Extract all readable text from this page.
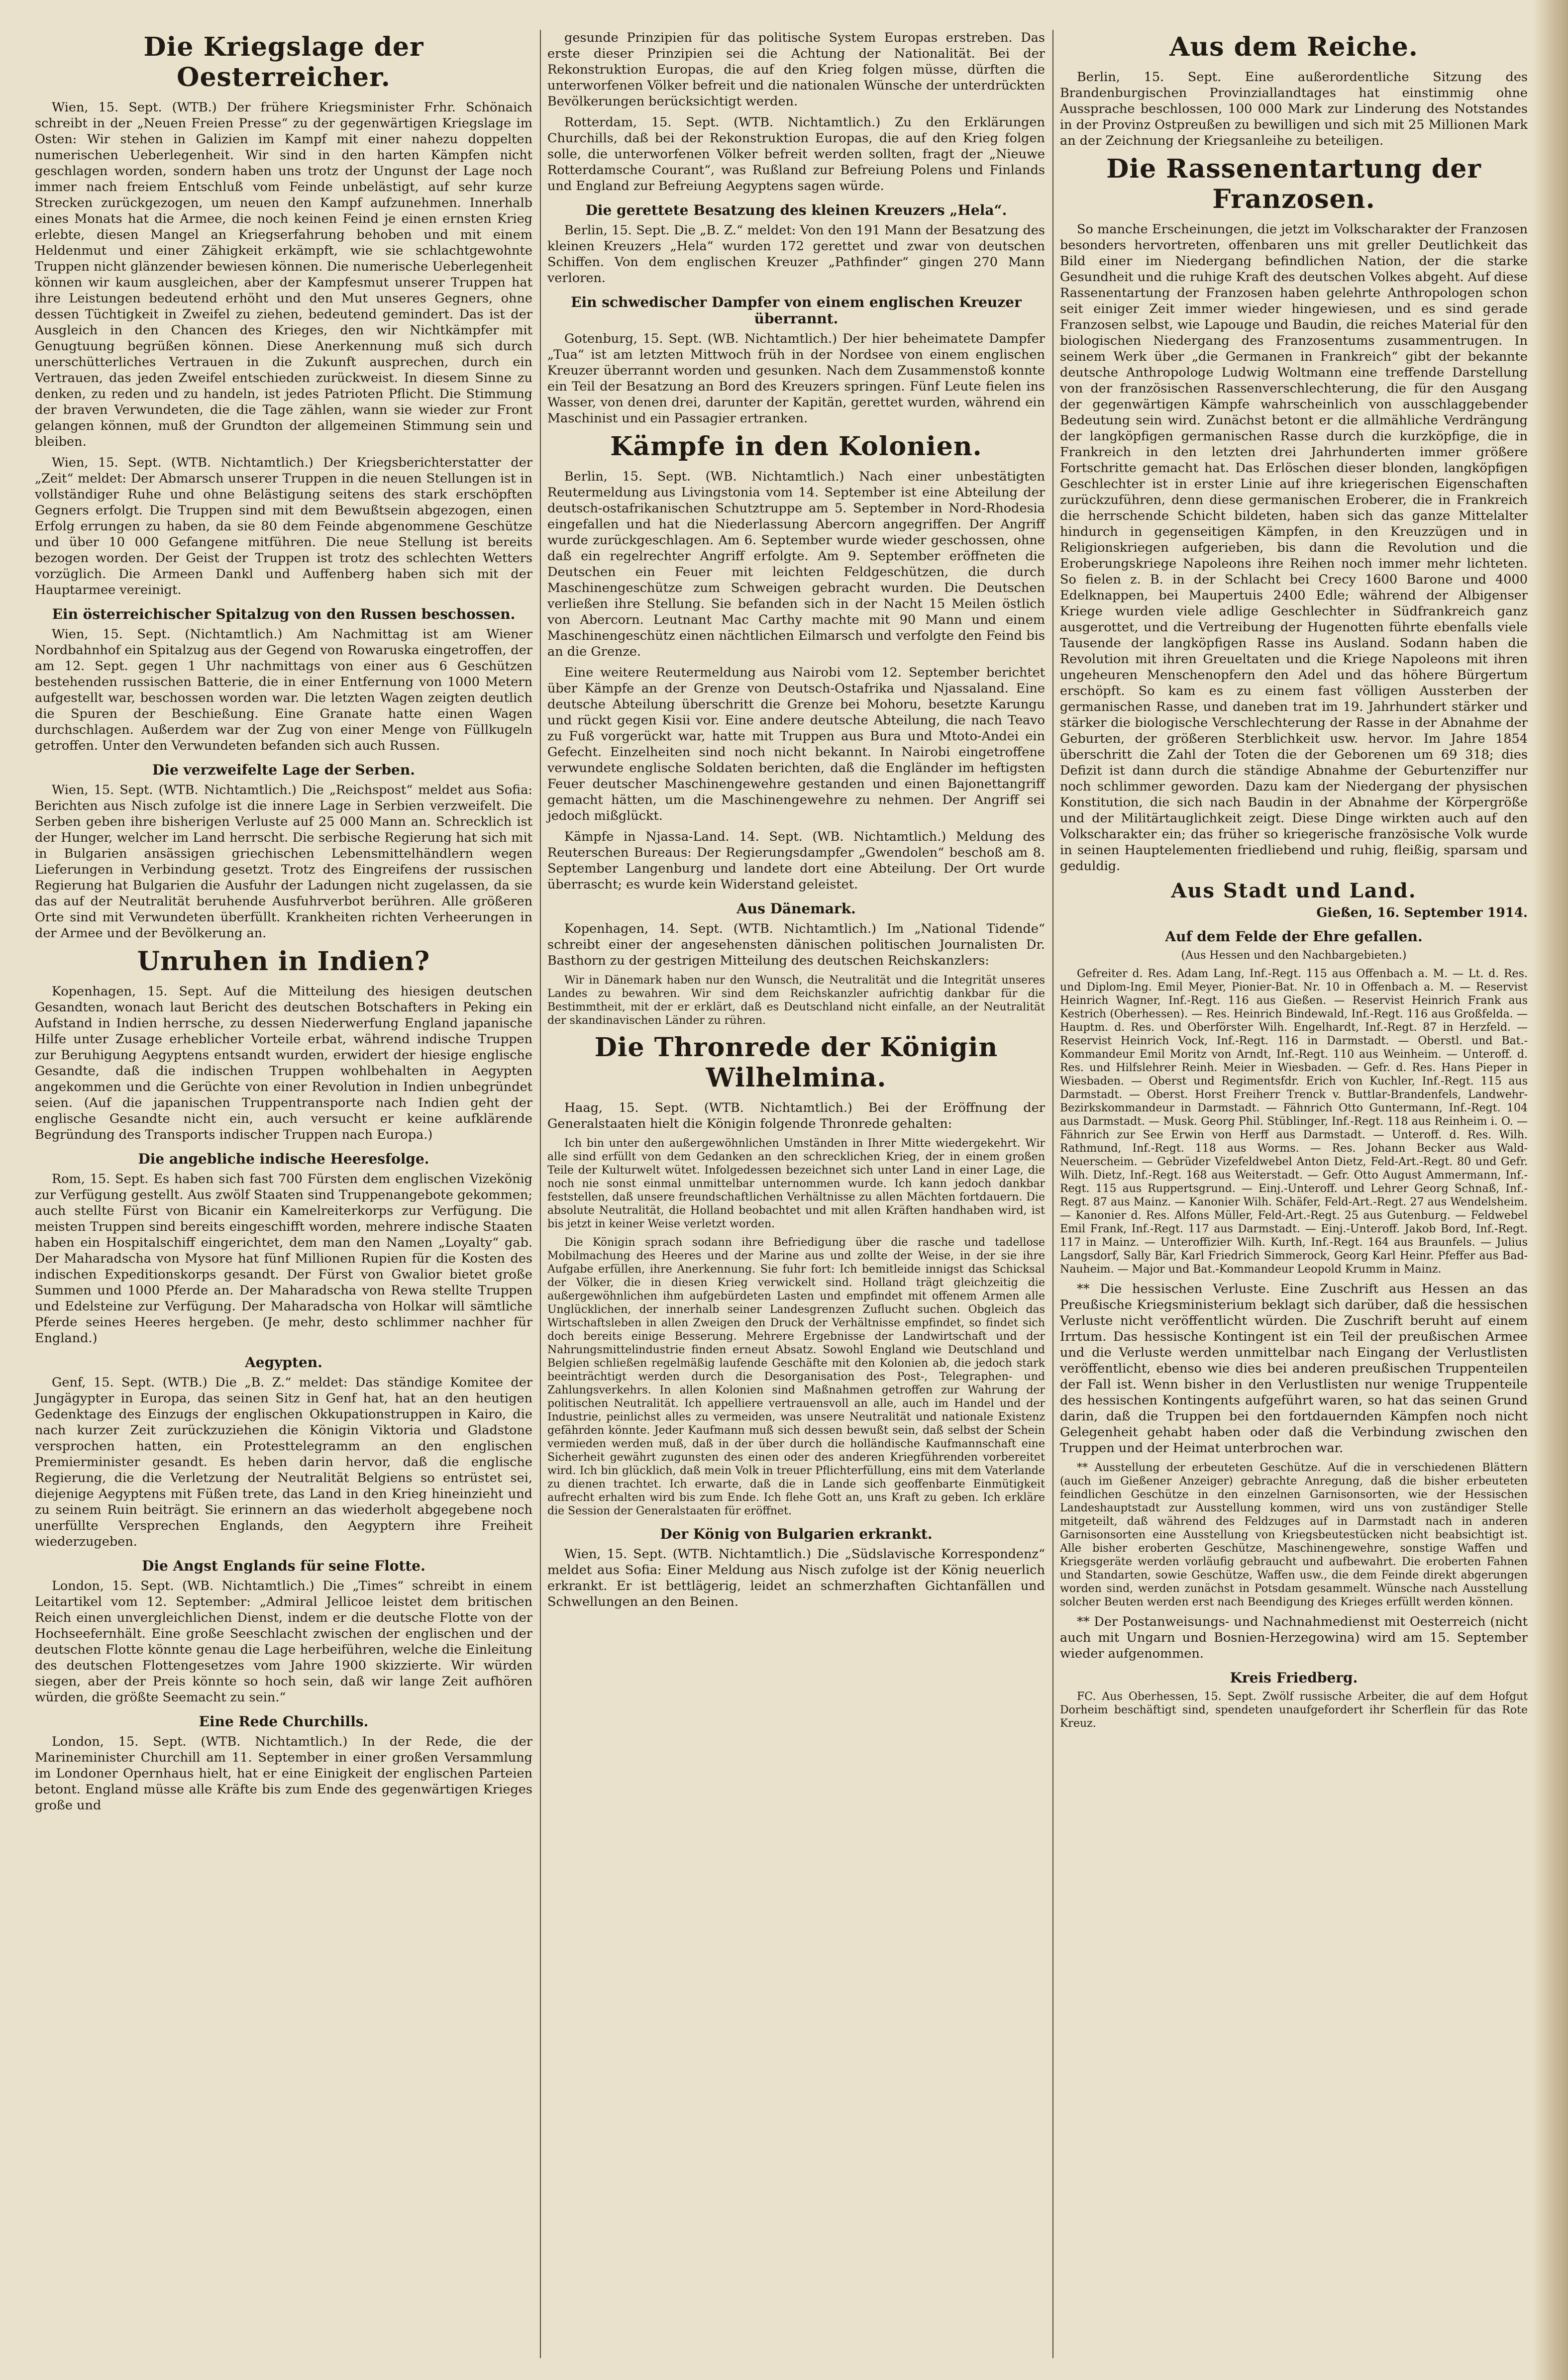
Die Kriegslage der Oesterreicher.

Wien, 15. Sept. (WTB.) Der frühere Kriegsminister Frhr. Schönaich schreibt in der „Neuen Freien Presse“ zu der gegenwärtigen Kriegslage im Osten: Wir stehen in Galizien im Kampf mit einer nahezu doppelten numerischen Ueberlegenheit. Wir sind in den harten Kämpfen nicht geschlagen worden, sondern haben uns trotz der Ungunst der Lage noch immer nach freiem Entschluß vom Feinde unbelästigt, auf sehr kurze Strecken zurückgezogen, um neuen den Kampf aufzunehmen. Innerhalb eines Monats hat die Armee, die noch keinen Feind je einen ernsten Krieg erlebte, diesen Mangel an Kriegserfahrung behoben und mit einem Heldenmut und einer Zähigkeit erkämpft, wie sie schlachtgewohnte Truppen nicht glänzender bewiesen können. Die numerische Ueberlegenheit können wir kaum ausgleichen, aber der Kampfesmut unserer Truppen hat ihre Leistungen bedeutend erhöht und den Mut unseres Gegners, ohne dessen Tüchtigkeit in Zweifel zu ziehen, bedeutend gemindert. Das ist der Ausgleich in den Chancen des Krieges, den wir Nichtkämpfer mit Genugtuung begrüßen können. Diese Anerkennung muß sich durch unerschütterliches Vertrauen in die Zukunft ausprechen, durch ein Vertrauen, das jeden Zweifel entschieden zurückweist. In diesem Sinne zu denken, zu reden und zu handeln, ist jedes Patrioten Pflicht. Die Stimmung der braven Verwundeten, die die Tage zählen, wann sie wieder zur Front gelangen können, muß der Grundton der allgemeinen Stimmung sein und bleiben.

Wien, 15. Sept. (WTB. Nichtamtlich.) Der Kriegsberichterstatter der „Zeit“ meldet: Der Abmarsch unserer Truppen in die neuen Stellungen ist in vollständiger Ruhe und ohne Belästigung seitens des stark erschöpften Gegners erfolgt. Die Truppen sind mit dem Bewußtsein abgezogen, einen Erfolg errungen zu haben, da sie 80 dem Feinde abgenommene Geschütze und über 10 000 Gefangene mitführen. Die neue Stellung ist bereits bezogen worden. Der Geist der Truppen ist trotz des schlechten Wetters vorzüglich. Die Armeen Dankl und Auffenberg haben sich mit der Hauptarmee vereinigt.

Ein österreichischer Spitalzug von den Russen beschossen.

Wien, 15. Sept. (Nichtamtlich.) Am Nachmittag ist am Wiener Nordbahnhof ein Spitalzug aus der Gegend von Rowaruska eingetroffen, der am 12. Sept. gegen 1 Uhr nachmittags von einer aus 6 Geschützen bestehenden russischen Batterie, die in einer Entfernung von 1000 Metern aufgestellt war, beschossen worden war. Die letzten Wagen zeigten deutlich die Spuren der Beschießung. Eine Granate hatte einen Wagen durchschlagen. Außerdem war der Zug von einer Menge von Füllkugeln getroffen. Unter den Verwundeten befanden sich auch Russen.

Die verzweifelte Lage der Serben.

Wien, 15. Sept. (WTB. Nichtamtlich.) Die „Reichspost“ meldet aus Sofia: Berichten aus Nisch zufolge ist die innere Lage in Serbien verzweifelt. Die Serben geben ihre bisherigen Verluste auf 25 000 Mann an. Schrecklich ist der Hunger, welcher im Land herrscht. Die serbische Regierung hat sich mit in Bulgarien ansässigen griechischen Lebensmittelhändlern wegen Lieferungen in Verbindung gesetzt. Trotz des Eingreifens der russischen Regierung hat Bulgarien die Ausfuhr der Ladungen nicht zugelassen, da sie das auf der Neutralität beruhende Ausfuhrverbot berühren. Alle größeren Orte sind mit Verwundeten überfüllt. Krankheiten richten Verheerungen in der Armee und der Bevölkerung an.

Unruhen in Indien?

Kopenhagen, 15. Sept. Auf die Mitteilung des hiesigen deutschen Gesandten, wonach laut Bericht des deutschen Botschafters in Peking ein Aufstand in Indien herrsche, zu dessen Niederwerfung England japanische Hilfe unter Zusage erheblicher Vorteile erbat, während indische Truppen zur Beruhigung Aegyptens entsandt wurden, erwidert der hiesige englische Gesandte, daß die indischen Truppen wohlbehalten in Aegypten angekommen und die Gerüchte von einer Revolution in Indien unbegründet seien. (Auf die japanischen Truppentransporte nach Indien geht der englische Gesandte nicht ein, auch versucht er keine aufklärende Begründung des Transports indischer Truppen nach Europa.)

Die angebliche indische Heeresfolge.

Rom, 15. Sept. Es haben sich fast 700 Fürsten dem englischen Vizekönig zur Verfügung gestellt. Aus zwölf Staaten sind Truppenangebote gekommen; auch stellte Fürst von Bicanir ein Kamelreiterkorps zur Verfügung. Die meisten Truppen sind bereits eingeschifft worden, mehrere indische Staaten haben ein Hospitalschiff eingerichtet, dem man den Namen „Loyalty“ gab. Der Maharadscha von Mysore hat fünf Millionen Rupien für die Kosten des indischen Expeditionskorps gesandt. Der Fürst von Gwalior bietet große Summen und 1000 Pferde an. Der Maharadscha von Rewa stellte Truppen und Edelsteine zur Verfügung. Der Maharadscha von Holkar will sämtliche Pferde seines Heeres hergeben. (Je mehr, desto schlimmer nachher für England.)

Aegypten.

Genf, 15. Sept. (WTB.) Die „B. Z.“ meldet: Das ständige Komitee der Jungägypter in Europa, das seinen Sitz in Genf hat, hat an den heutigen Gedenktage des Einzugs der englischen Okkupationstruppen in Kairo, die nach kurzer Zeit zurückzuziehen die Königin Viktoria und Gladstone versprochen hatten, ein Protesttelegramm an den englischen Premierminister gesandt. Es heben darin hervor, daß die englische Regierung, die die Verletzung der Neutralität Belgiens so entrüstet sei, diejenige Aegyptens mit Füßen trete, das Land in den Krieg hineinzieht und zu seinem Ruin beiträgt. Sie erinnern an das wiederholt abgegebene noch unerfüllte Versprechen Englands, den Aegyptern ihre Freiheit wiederzugeben.

Die Angst Englands für seine Flotte.

London, 15. Sept. (WB. Nichtamtlich.) Die „Times“ schreibt in einem Leitartikel vom 12. September: „Admiral Jellicoe leistet dem britischen Reich einen unvergleichlichen Dienst, indem er die deutsche Flotte von der Hochseefernhält. Eine große Seeschlacht zwischen der englischen und der deutschen Flotte könnte genau die Lage herbeiführen, welche die Einleitung des deutschen Flottengesetzes vom Jahre 1900 skizzierte. Wir würden siegen, aber der Preis könnte so hoch sein, daß wir lange Zeit aufhören würden, die größte Seemacht zu sein.“

Eine Rede Churchills.

London, 15. Sept. (WTB. Nichtamtlich.) In der Rede, die der Marineminister Churchill am 11. September in einer großen Versammlung im Londoner Opernhaus hielt, hat er eine Einigkeit der englischen Parteien betont. England müsse alle Kräfte bis zum Ende des gegenwärtigen Krieges große und

gesunde Prinzipien für das politische System Europas erstreben. Das erste dieser Prinzipien sei die Achtung der Nationalität. Bei der Rekonstruktion Europas, die auf den Krieg folgen müsse, dürften die unterworfenen Völker befreit und die nationalen Wünsche der unterdrückten Bevölkerungen berücksichtigt werden.

Rotterdam, 15. Sept. (WTB. Nichtamtlich.) Zu den Erklärungen Churchills, daß bei der Rekonstruktion Europas, die auf den Krieg folgen solle, die unterworfenen Völker befreit werden sollten, fragt der „Nieuwe Rotterdamsche Courant“, was Rußland zur Befreiung Polens und Finlands und England zur Befreiung Aegyptens sagen würde.

Die gerettete Besatzung des kleinen Kreuzers „Hela“.

Berlin, 15. Sept. Die „B. Z.“ meldet: Von den 191 Mann der Besatzung des kleinen Kreuzers „Hela“ wurden 172 gerettet und zwar von deutschen Schiffen. Von dem englischen Kreuzer „Pathfinder“ gingen 270 Mann verloren.

Ein schwedischer Dampfer von einem englischen Kreuzer überrannt.

Gotenburg, 15. Sept. (WB. Nichtamtlich.) Der hier beheimatete Dampfer „Tua“ ist am letzten Mittwoch früh in der Nordsee von einem englischen Kreuzer überrannt worden und gesunken. Nach dem Zusammenstoß konnte ein Teil der Besatzung an Bord des Kreuzers springen. Fünf Leute fielen ins Wasser, von denen drei, darunter der Kapitän, gerettet wurden, während ein Maschinist und ein Passagier ertranken.

Kämpfe in den Kolonien.

Berlin, 15. Sept. (WB. Nichtamtlich.) Nach einer unbestätigten Reutermeldung aus Livingstonia vom 14. September ist eine Abteilung der deutsch-ostafrikanischen Schutztruppe am 5. September in Nord-Rhodesia eingefallen und hat die Niederlassung Abercorn angegriffen. Der Angriff wurde zurückgeschlagen. Am 6. September wurde wieder geschossen, ohne daß ein regelrechter Angriff erfolgte. Am 9. September eröffneten die Deutschen ein Feuer mit leichten Feldgeschützen, die durch Maschinengeschütze zum Schweigen gebracht wurden. Die Deutschen verließen ihre Stellung. Sie befanden sich in der Nacht 15 Meilen östlich von Abercorn. Leutnant Mac Carthy machte mit 90 Mann und einem Maschinengeschütz einen nächtlichen Eilmarsch und verfolgte den Feind bis an die Grenze.

Eine weitere Reutermeldung aus Nairobi vom 12. September berichtet über Kämpfe an der Grenze von Deutsch-Ostafrika und Njassaland. Eine deutsche Abteilung überschritt die Grenze bei Mohoru, besetzte Karungu und rückt gegen Kisii vor. Eine andere deutsche Abteilung, die nach Teavo zu Fuß vorgerückt war, hatte mit Truppen aus Bura und Mtoto-Andei ein Gefecht. Einzelheiten sind noch nicht bekannt. In Nairobi eingetroffene verwundete englische Soldaten berichten, daß die Engländer im heftigsten Feuer deutscher Maschinengewehre gestanden und einen Bajonettangriff gemacht hätten, um die Maschinengewehre zu nehmen. Der Angriff sei jedoch mißglückt.

Kämpfe in Njassa-Land. 14. Sept. (WB. Nichtamtlich.) Meldung des Reuterschen Bureaus: Der Regierungsdampfer „Gwendolen“ beschoß am 8. September Langenburg und landete dort eine Abteilung. Der Ort wurde überrascht; es wurde kein Widerstand geleistet.

Aus Dänemark.

Kopenhagen, 14. Sept. (WTB. Nichtamtlich.) Im „National Tidende“ schreibt einer der angesehensten dänischen politischen Journalisten Dr. Basthorn zu der gestrigen Mitteilung des deutschen Reichskanzlers:

Wir in Dänemark haben nur den Wunsch, die Neutralität und die Integrität unseres Landes zu bewahren. Wir sind dem Reichskanzler aufrichtig dankbar für die Bestimmtheit, mit der er erklärt, daß es Deutschland nicht einfalle, an der Neutralität der skandinavischen Länder zu rühren.

Die Thronrede der Königin Wilhelmina.

Haag, 15. Sept. (WTB. Nichtamtlich.) Bei der Eröffnung der Generalstaaten hielt die Königin folgende Thronrede gehalten:

Ich bin unter den außergewöhnlichen Umständen in Ihrer Mitte wiedergekehrt. Wir alle sind erfüllt von dem Gedanken an den schrecklichen Krieg, der in einem großen Teile der Kulturwelt wütet. Infolgedessen bezeichnet sich unter Land in einer Lage, die noch nie sonst einmal unmittelbar unternommen wurde. Ich kann jedoch dankbar feststellen, daß unsere freundschaftlichen Verhältnisse zu allen Mächten fortdauern. Die absolute Neutralität, die Holland beobachtet und mit allen Kräften handhaben wird, ist bis jetzt in keiner Weise verletzt worden.

Die Königin sprach sodann ihre Befriedigung über die rasche und tadellose Mobilmachung des Heeres und der Marine aus und zollte der Weise, in der sie ihre Aufgabe erfüllen, ihre Anerkennung. Sie fuhr fort: Ich bemitleide innigst das Schicksal der Völker, die in diesen Krieg verwickelt sind. Holland trägt gleichzeitig die außergewöhnlichen ihm aufgebürdeten Lasten und empfindet mit offenem Armen alle Unglücklichen, der innerhalb seiner Landesgrenzen Zuflucht suchen. Obgleich das Wirtschaftsleben in allen Zweigen den Druck der Verhältnisse empfindet, so findet sich doch bereits einige Besserung. Mehrere Ergebnisse der Landwirtschaft und der Nahrungsmittelindustrie finden erneut Absatz. Sowohl England wie Deutschland und Belgien schließen regelmäßig laufende Geschäfte mit den Kolonien ab, die jedoch stark beeinträchtigt werden durch die Desorganisation des Post-, Telegraphen- und Zahlungsverkehrs. In allen Kolonien sind Maßnahmen getroffen zur Wahrung der politischen Neutralität. Ich appelliere vertrauensvoll an alle, auch im Handel und der Industrie, peinlichst alles zu vermeiden, was unsere Neutralität und nationale Existenz gefährden könnte. Jeder Kaufmann muß sich dessen bewußt sein, daß selbst der Schein vermieden werden muß, daß in der über durch die holländische Kaufmannschaft eine Sicherheit gewährt zugunsten des einen oder des anderen Kriegführenden vorbereitet wird. Ich bin glücklich, daß mein Volk in treuer Pflichterfüllung, eins mit dem Vaterlande zu dienen trachtet. Ich erwarte, daß die in Lande sich geoffenbarte Einmütigkeit aufrecht erhalten wird bis zum Ende. Ich flehe Gott an, uns Kraft zu geben. Ich erkläre die Session der Generalstaaten für eröffnet.

Der König von Bulgarien erkrankt.

Wien, 15. Sept. (WTB. Nichtamtlich.) Die „Südslavische Korrespondenz“ meldet aus Sofia: Einer Meldung aus Nisch zufolge ist der König neuerlich erkrankt. Er ist bettlägerig, leidet an schmerzhaften Gichtanfällen und Schwellungen an den Beinen.

Aus dem Reiche.

Berlin, 15. Sept. Eine außerordentliche Sitzung des Brandenburgischen Provinziallandtages hat einstimmig ohne Aussprache beschlossen, 100 000 Mark zur Linderung des Notstandes in der Provinz Ostpreußen zu bewilligen und sich mit 25 Millionen Mark an der Zeichnung der Kriegsanleihe zu beteiligen.

Die Rassenentartung der Franzosen.

So manche Erscheinungen, die jetzt im Volkscharakter der Franzosen besonders hervortreten, offenbaren uns mit greller Deutlichkeit das Bild einer im Niedergang befindlichen Nation, der die starke Gesundheit und die ruhige Kraft des deutschen Volkes abgeht. Auf diese Rassenentartung der Franzosen haben gelehrte Anthropologen schon seit einiger Zeit immer wieder hingewiesen, und es sind gerade Franzosen selbst, wie Lapouge und Baudin, die reiches Material für den biologischen Niedergang des Franzosentums zusammentrugen. In seinem Werk über „die Germanen in Frankreich“ gibt der bekannte deutsche Anthropologe Ludwig Woltmann eine treffende Darstellung von der französischen Rassenverschlechterung, die für den Ausgang der gegenwärtigen Kämpfe wahrscheinlich von ausschlaggebender Bedeutung sein wird. Zunächst betont er die allmähliche Verdrängung der langköpfigen germanischen Rasse durch die kurzköpfige, die in Frankreich in den letzten drei Jahrhunderten immer größere Fortschritte gemacht hat. Das Erlöschen dieser blonden, langköpfigen Geschlechter ist in erster Linie auf ihre kriegerischen Eigenschaften zurückzuführen, denn diese germanischen Eroberer, die in Frankreich die herrschende Schicht bildeten, haben sich das ganze Mittelalter hindurch in gegenseitigen Kämpfen, in den Kreuzzügen und in Religionskriegen aufgerieben, bis dann die Revolution und die Eroberungskriege Napoleons ihre Reihen noch immer mehr lichteten. So fielen z. B. in der Schlacht bei Crecy 1600 Barone und 4000 Edelknappen, bei Maupertuis 2400 Edle; während der Albigenser Kriege wurden viele adlige Geschlechter in Südfrankreich ganz ausgerottet, und die Vertreibung der Hugenotten führte ebenfalls viele Tausende der langköpfigen Rasse ins Ausland. Sodann haben die Revolution mit ihren Greueltaten und die Kriege Napoleons mit ihren ungeheuren Menschenopfern den Adel und das höhere Bürgertum erschöpft. So kam es zu einem fast völligen Aussterben der germanischen Rasse, und daneben trat im 19. Jahrhundert stärker und stärker die biologische Verschlechterung der Rasse in der Abnahme der Geburten, der größeren Sterblichkeit usw. hervor. Im Jahre 1854 überschritt die Zahl der Toten die der Geborenen um 69 318; dies Defizit ist dann durch die ständige Abnahme der Geburtenziffer nur noch schlimmer geworden. Dazu kam der Niedergang der physischen Konstitution, die sich nach Baudin in der Abnahme der Körpergröße und der Militärtauglichkeit zeigt. Diese Dinge wirkten auch auf den Volkscharakter ein; das früher so kriegerische französische Volk wurde in seinen Hauptelementen friedliebend und ruhig, fleißig, sparsam und geduldig.

Aus Stadt und Land.
Gießen, 16. September 1914.
Auf dem Felde der Ehre gefallen.

(Aus Hessen und den Nachbargebieten.)

Gefreiter d. Res. Adam Lang, Inf.-Regt. 115 aus Offenbach a. M. — Lt. d. Res. und Diplom-Ing. Emil Meyer, Pionier-Bat. Nr. 10 in Offenbach a. M. — Reservist Heinrich Wagner, Inf.-Regt. 116 aus Gießen. — Reservist Heinrich Frank aus Kestrich (Oberhessen). — Res. Heinrich Bindewald, Inf.-Regt. 116 aus Großfelda. — Hauptm. d. Res. und Oberförster Wilh. Engelhardt, Inf.-Regt. 87 in Herzfeld. — Reservist Heinrich Vock, Inf.-Regt. 116 in Darmstadt. — Oberstl. und Bat.-Kommandeur Emil Moritz von Arndt, Inf.-Regt. 110 aus Weinheim. — Unteroff. d. Res. und Hilfslehrer Reinh. Meier in Wiesbaden. — Gefr. d. Res. Hans Pieper in Wiesbaden. — Oberst und Regimentsfdr. Erich von Kuchler, Inf.-Regt. 115 aus Darmstadt. — Oberst. Horst Freiherr Trenck v. Buttlar-Brandenfels, Landwehr-Bezirkskommandeur in Darmstadt. — Fähnrich Otto Guntermann, Inf.-Regt. 104 aus Darmstadt. — Musk. Georg Phil. Stüblinger, Inf.-Regt. 118 aus Reinheim i. O. — Fähnrich zur See Erwin von Herff aus Darmstadt. — Unteroff. d. Res. Wilh. Rathmund, Inf.-Regt. 118 aus Worms. — Res. Johann Becker aus Wald-Neuerscheim. — Gebrüder Vizefeldwebel Anton Dietz, Feld-Art.-Regt. 80 und Gefr. Wilh. Dietz, Inf.-Regt. 168 aus Weiterstadt. — Gefr. Otto August Ammermann, Inf.-Regt. 115 aus Ruppertsgrund. — Einj.-Unteroff. und Lehrer Georg Schnaß, Inf.-Regt. 87 aus Mainz. — Kanonier Wilh. Schäfer, Feld-Art.-Regt. 27 aus Wendelsheim. — Kanonier d. Res. Alfons Müller, Feld-Art.-Regt. 25 aus Gutenburg. — Feldwebel Emil Frank, Inf.-Regt. 117 aus Darmstadt. — Einj.-Unteroff. Jakob Bord, Inf.-Regt. 117 in Mainz. — Unteroffizier Wilh. Kurth, Inf.-Regt. 164 aus Braunfels. — Julius Langsdorf, Sally Bär, Karl Friedrich Simmerock, Georg Karl Heinr. Pfeffer aus Bad-Nauheim. — Major und Bat.-Kommandeur Leopold Krumm in Mainz.

** Die hessischen Verluste. Eine Zuschrift aus Hessen an das Preußische Kriegsministerium beklagt sich darüber, daß die hessischen Verluste nicht veröffentlicht würden. Die Zuschrift beruht auf einem Irrtum. Das hessische Kontingent ist ein Teil der preußischen Armee und die Verluste werden unmittelbar nach Eingang der Verlustlisten veröffentlicht, ebenso wie dies bei anderen preußischen Truppenteilen der Fall ist. Wenn bisher in den Verlustlisten nur wenige Truppenteile des hessischen Kontingents aufgeführt waren, so hat das seinen Grund darin, daß die Truppen bei den fortdauernden Kämpfen noch nicht Gelegenheit gehabt haben oder daß die Verbindung zwischen den Truppen und der Heimat unterbrochen war.

** Ausstellung der erbeuteten Geschütze. Auf die in verschiedenen Blättern (auch im Gießener Anzeiger) gebrachte Anregung, daß die bisher erbeuteten feindlichen Geschütze in den einzelnen Garnisonsorten, wie der Hessischen Landeshauptstadt zur Ausstellung kommen, wird uns von zuständiger Stelle mitgeteilt, daß während des Feldzuges auf in Darmstadt nach in anderen Garnisonsorten eine Ausstellung von Kriegsbeutestücken nicht beabsichtigt ist. Alle bisher eroberten Geschütze, Maschinengewehre, sonstige Waffen und Kriegsgeräte werden vorläufig gebraucht und aufbewahrt. Die eroberten Fahnen und Standarten, sowie Geschütze, Waffen usw., die dem Feinde direkt abgerungen worden sind, werden zunächst in Potsdam gesammelt. Wünsche nach Ausstellung solcher Beuten werden erst nach Beendigung des Krieges erfüllt werden können.

** Der Postanweisungs- und Nachnahmedienst mit Oesterreich (nicht auch mit Ungarn und Bosnien-Herzegowina) wird am 15. September wieder aufgenommen.

Kreis Friedberg.

FC. Aus Oberhessen, 15. Sept. Zwölf russische Arbeiter, die auf dem Hofgut Dorheim beschäftigt sind, spendeten unaufgefordert ihr Scherflein für das Rote Kreuz.
